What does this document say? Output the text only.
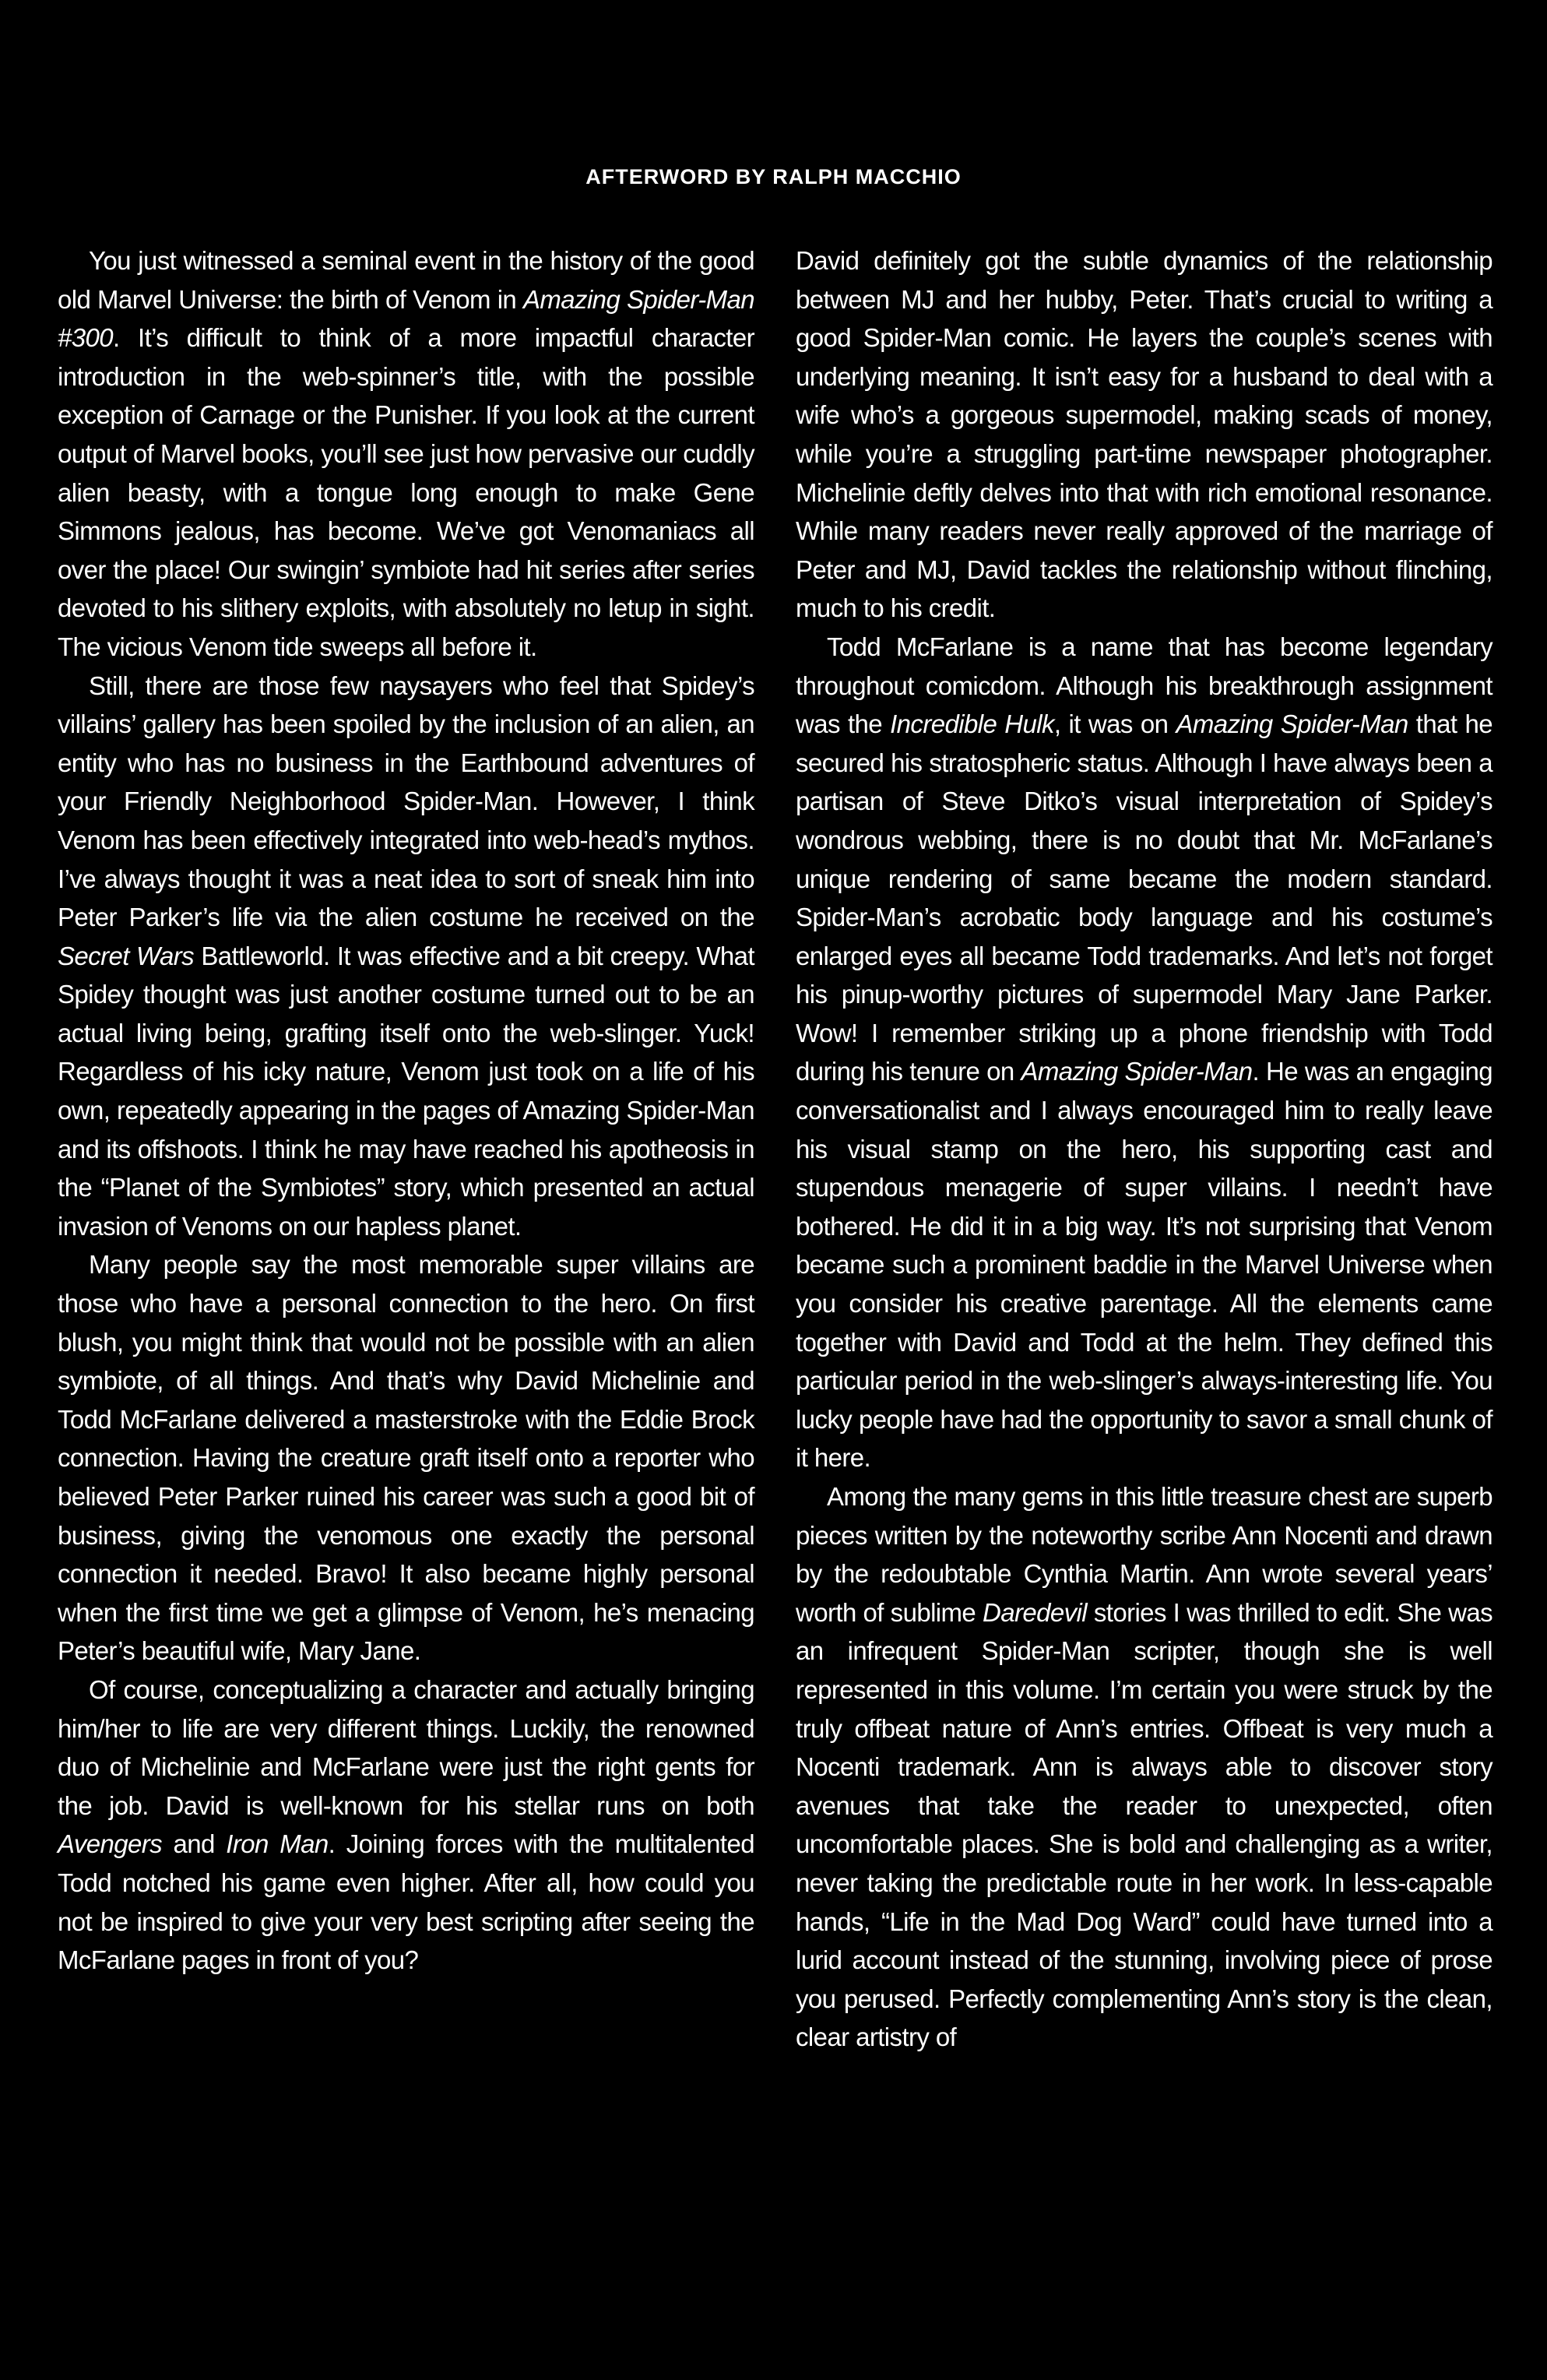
AFTERWORD BY RALPH MACCHIO

You just witnessed a seminal event in the history of the good old Marvel Universe: the birth of Venom in Amazing Spider-Man #300. It’s difficult to think of a more impactful character introduction in the web-spinner’s title, with the possible exception of Carnage or the Punisher. If you look at the current output of Marvel books, you’ll see just how pervasive our cuddly alien beasty, with a tongue long enough to make Gene Simmons jealous, has become. We’ve got Venomaniacs all over the place! Our swingin’ symbiote had hit series after series devoted to his slithery exploits, with absolutely no letup in sight. The vicious Venom tide sweeps all before it.

Still, there are those few naysayers who feel that Spidey’s villains’ gallery has been spoiled by the inclusion of an alien, an entity who has no business in the Earthbound adventures of your Friendly Neighborhood Spider-Man. However, I think Venom has been effectively integrated into web-head’s mythos. I’ve always thought it was a neat idea to sort of sneak him into Peter Parker’s life via the alien costume he received on the Secret Wars Battleworld. It was effective and a bit creepy. What Spidey thought was just another costume turned out to be an actual living being, grafting itself onto the web-slinger. Yuck! Regardless of his icky nature, Venom just took on a life of his own, repeatedly appearing in the pages of Amazing Spider-Man and its offshoots. I think he may have reached his apotheosis in the “Planet of the Symbiotes” story, which presented an actual invasion of Venoms on our hapless planet.

Many people say the most memorable super villains are those who have a personal connection to the hero. On first blush, you might think that would not be possible with an alien symbiote, of all things. And that’s why David Michelinie and Todd McFarlane delivered a masterstroke with the Eddie Brock connection. Having the creature graft itself onto a reporter who believed Peter Parker ruined his career was such a good bit of business, giving the venomous one exactly the personal connection it needed. Bravo! It also became highly personal when the first time we get a glimpse of Venom, he’s menacing Peter’s beautiful wife, Mary Jane.

Of course, conceptualizing a character and actually bringing him/her to life are very different things. Luckily, the renowned duo of Michelinie and McFarlane were just the right gents for the job. David is well-known for his stellar runs on both Avengers and Iron Man. Joining forces with the multitalented Todd notched his game even higher. After all, how could you not be inspired to give your very best scripting after seeing the McFarlane pages in front of you?

David definitely got the subtle dynamics of the relationship between MJ and her hubby, Peter. That’s crucial to writing a good Spider-Man comic. He layers the couple’s scenes with underlying meaning. It isn’t easy for a husband to deal with a wife who’s a gorgeous supermodel, making scads of money, while you’re a struggling part-time newspaper photographer. Michelinie deftly delves into that with rich emotional resonance. While many readers never really approved of the marriage of Peter and MJ, David tackles the relationship without flinching, much to his credit.

Todd McFarlane is a name that has become legendary throughout comicdom. Although his breakthrough assignment was the Incredible Hulk, it was on Amazing Spider-Man that he secured his stratospheric status. Although I have always been a partisan of Steve Ditko’s visual interpretation of Spidey’s wondrous webbing, there is no doubt that Mr. McFarlane’s unique rendering of same became the modern standard. Spider-Man’s acrobatic body language and his costume’s enlarged eyes all became Todd trademarks. And let’s not forget his pinup-worthy pictures of supermodel Mary Jane Parker. Wow! I remember striking up a phone friendship with Todd during his tenure on Amazing Spider-Man. He was an engaging conversationalist and I always encouraged him to really leave his visual stamp on the hero, his supporting cast and stupendous menagerie of super villains. I needn’t have bothered. He did it in a big way. It’s not surprising that Venom became such a prominent baddie in the Marvel Universe when you consider his creative parentage. All the elements came together with David and Todd at the helm. They defined this particular period in the web-slinger’s always-interesting life. You lucky people have had the opportunity to savor a small chunk of it here.

Among the many gems in this little treasure chest are superb pieces written by the noteworthy scribe Ann Nocenti and drawn by the redoubtable Cynthia Martin. Ann wrote several years’ worth of sublime Daredevil stories I was thrilled to edit. She was an infrequent Spider-Man scripter, though she is well represented in this volume. I’m certain you were struck by the truly offbeat nature of Ann’s entries. Offbeat is very much a Nocenti trademark. Ann is always able to discover story avenues that take the reader to unexpected, often uncomfortable places. She is bold and challenging as a writer, never taking the predictable route in her work. In less-capable hands, “Life in the Mad Dog Ward” could have turned into a lurid account instead of the stunning, involving piece of prose you perused. Perfectly complementing Ann’s story is the clean, clear artistry of
